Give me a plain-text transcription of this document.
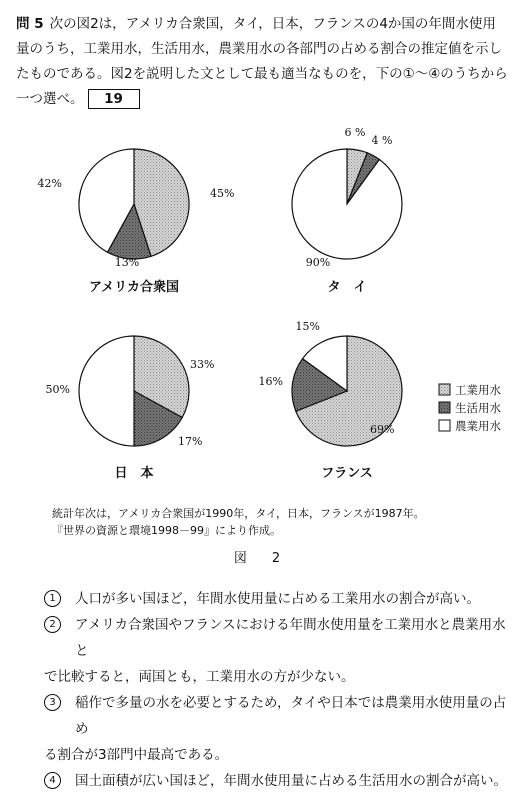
問 5 次の図2は，アメリカ合衆国，タイ，日本，フランスの4か国の年間水使用量のうち，工業用水，生活用水，農業用水の各部門の占める割合の推定値を示したものである。図2を説明した文として最も適当なものを，下の①～④のうちから一つ選べ。 19
45%
13%
42%
アメリカ合衆国
6 %
4 %
90%
タ　イ
33%
17%
50%
日　本
69%
16%
15%
フランス
工業用水
生活用水
農業用水
統計年次は，アメリカ合衆国が1990年，タイ，日本，フランスが1987年。
『世界の資源と環境1998－99』により作成。
図　2
1	人口が多い国ほど，年間水使用量に占める工業用水の割合が高い。
2	アメリカ合衆国やフランスにおける年間水使用量を工業用水と農業用水と
で比較すると，両国とも，工業用水の方が少ない。
3	稲作で多量の水を必要とするため，タイや日本では農業用水使用量の占め
る割合が3部門中最高である。
4	国土面積が広い国ほど，年間水使用量に占める生活用水の割合が高い。
